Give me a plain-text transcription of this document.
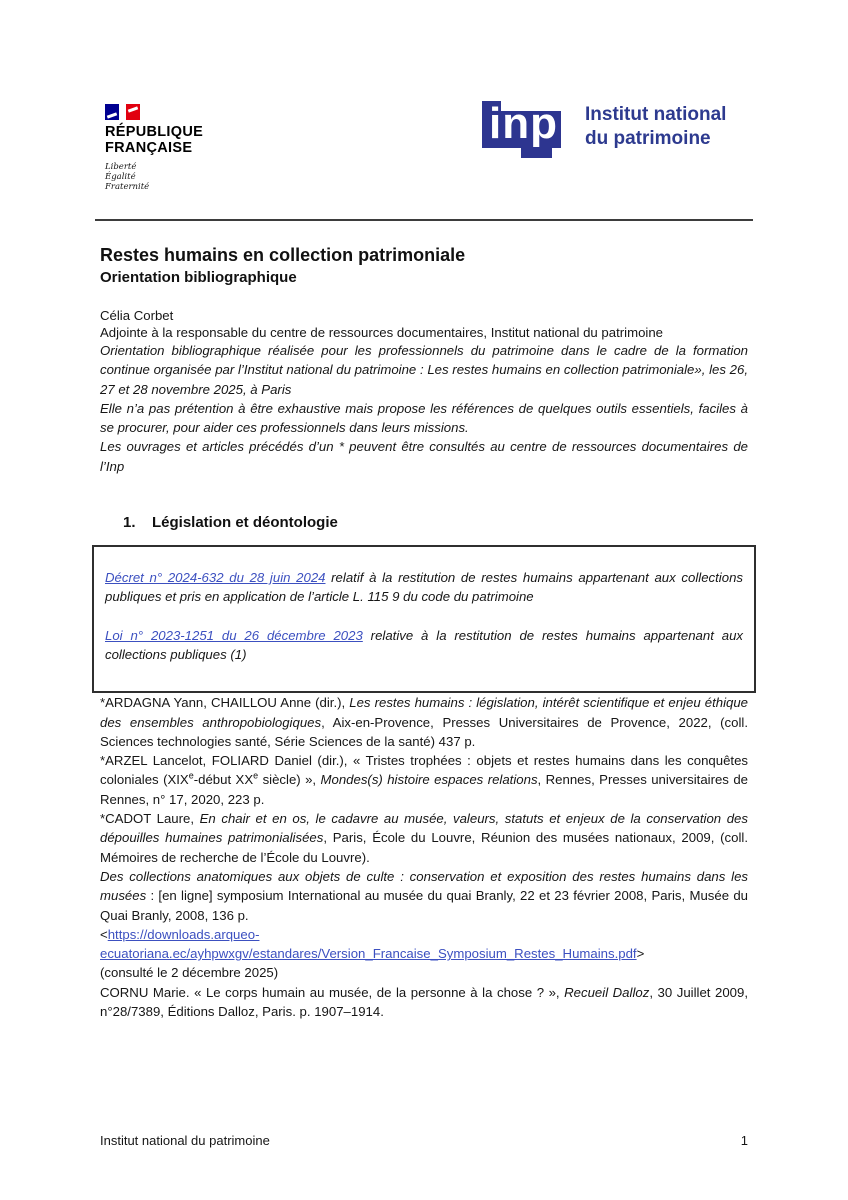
RÉPUBLIQUE
FRANÇAISE
Liberté
Égalité
Fraternité
inp Institut national
du patrimoine
Restes humains en collection patrimoniale
Orientation bibliographique
Célia Corbet
Adjointe à la responsable du centre de ressources documentaires, Institut national du patrimoine

Orientation bibliographique réalisée pour les professionnels du patrimoine dans le cadre de la formation continue organisée par l’Institut national du patrimoine : Les restes humains en collection patrimoniale», les 26, 27 et 28 novembre 2025, à Paris

Elle n’a pas prétention à être exhaustive mais propose les références de quelques outils essentiels, faciles à se procurer, pour aider ces professionnels dans leurs missions.

Les ouvrages et articles précédés d’un * peuvent être consultés au centre de ressources documentaires de l’Inp

1.	Législation et déontologie

Décret n° 2024-632 du 28 juin 2024 relatif à la restitution de restes humains appartenant aux collections publiques et pris en application de l’article L. 115 9 du code du patrimoine

Loi n° 2023-1251 du 26 décembre 2023 relative à la restitution de restes humains appartenant aux collections publiques (1)

*ARDAGNA Yann, CHAILLOU Anne (dir.), Les restes humains : législation, intérêt scientifique et enjeu éthique des ensembles anthropobiologiques, Aix-en-Provence, Presses Universitaires de Provence, 2022, (coll. Sciences technologies santé, Série Sciences de la santé) 437 p.

*ARZEL Lancelot, FOLIARD Daniel (dir.), « Tristes trophées : objets et restes humains dans les conquêtes coloniales (XIXe-début XXe siècle) », Mondes(s) histoire espaces relations, Rennes, Presses universitaires de Rennes, n° 17, 2020, 223 p.

*CADOT Laure, En chair et en os, le cadavre au musée, valeurs, statuts et enjeux de la conservation des dépouilles humaines patrimonialisées, Paris, École du Louvre, Réunion des musées nationaux, 2009, (coll. Mémoires de recherche de l’École du Louvre).

Des collections anatomiques aux objets de culte : conservation et exposition des restes humains dans les musées : [en ligne] symposium International au musée du quai Branly, 22 et 23 février 2008, Paris, Musée du Quai Branly, 2008, 136 p.
<https://downloads.arqueo-
ecuatoriana.ec/ayhpwxgv/estandares/Version_Francaise_Symposium_Restes_Humains.pdf>
(consulté le 2 décembre 2025)

CORNU Marie. « Le corps humain au musée, de la personne à la chose ? », Recueil Dalloz, 30 Juillet 2009, n°28/7389, Éditions Dalloz, Paris. p. 1907–1914.

Institut national du patrimoine	1
